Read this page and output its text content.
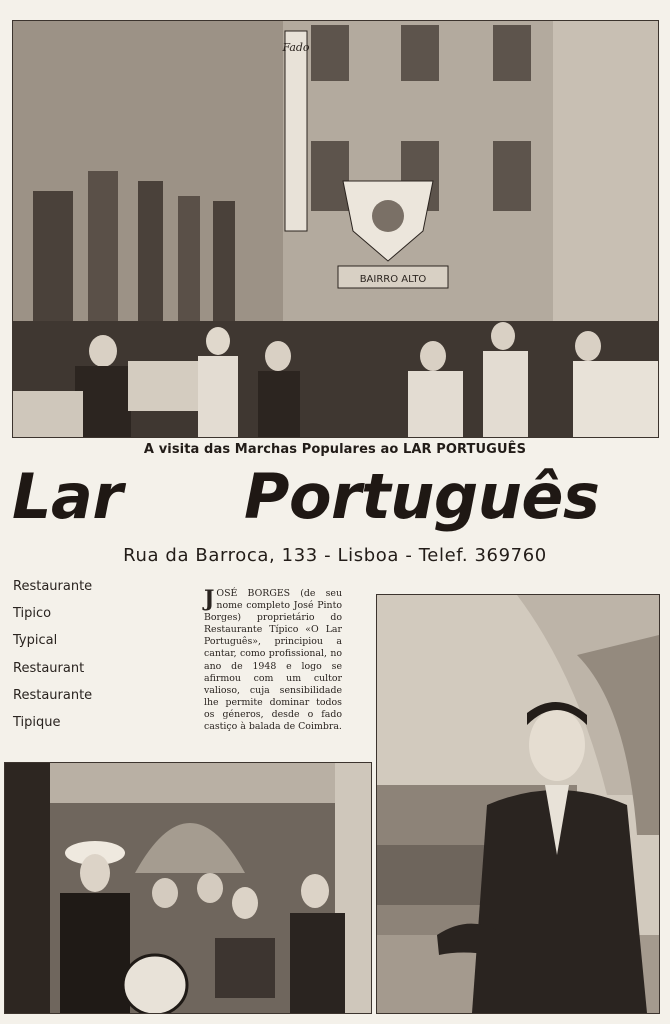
Fado
BAIRRO ALTO
A visita das Marchas Populares ao LAR PORTUGUÊS
Lar Português
Rua da Barroca, 133 - Lisboa - Telef. 369760
Restaurante
Tipico
Typical
Restaurant
Restaurante
Tipique
JOSÉ BORGES (de seu nome completo José Pinto Borges) proprietário do Restaurante Típico «O Lar Português», principiou a cantar, como profissional, no ano de 1948 e logo se afirmou com um cultor valioso, cuja sensibilidade lhe permite dominar todos os géneros, desde o fado castiço à balada de Coimbra.
